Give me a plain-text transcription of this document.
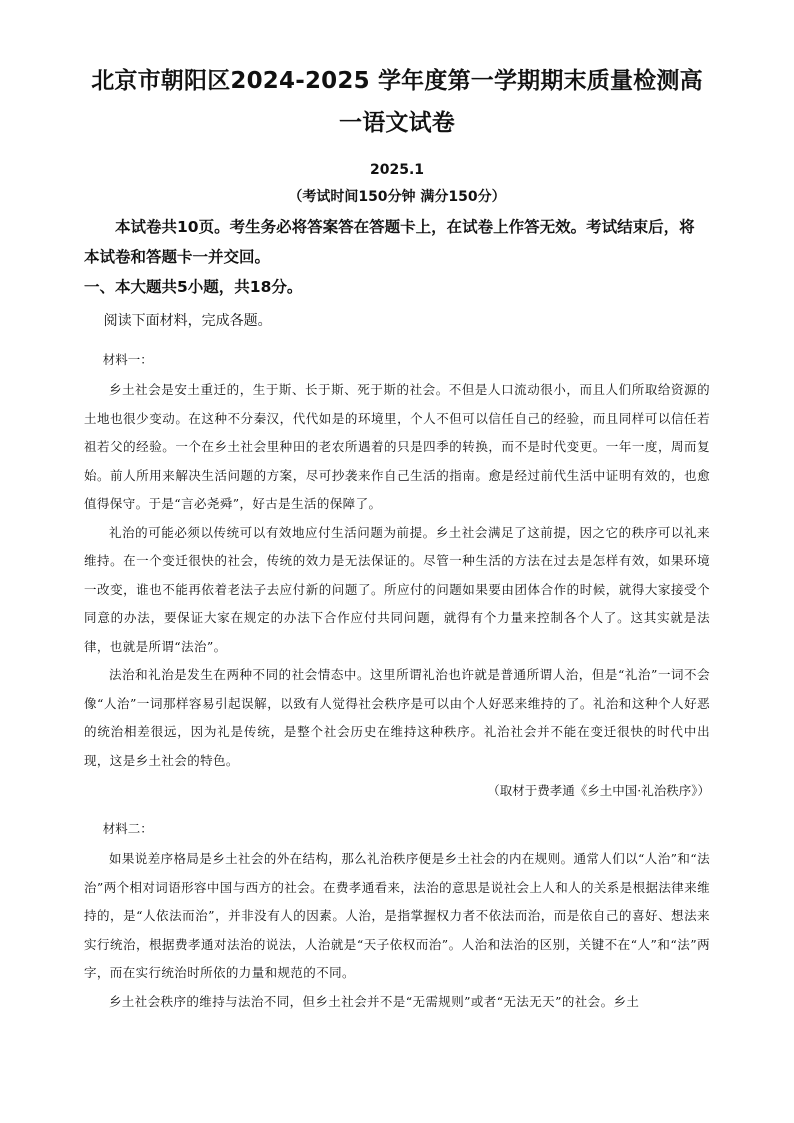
北京市朝阳区2024-2025 学年度第一学期期末质量检测高一语文试卷

2025.1

（考试时间150分钟 满分150分）

本试卷共10页。考生务必将答案答在答题卡上，在试卷上作答无效。考试结束后，将本试卷和答题卡一并交回。

一、本大题共5小题，共18分。

阅读下面材料，完成各题。

材料一：

乡土社会是安土重迁的，生于斯、长于斯、死于斯的社会。不但是人口流动很小，而且人们所取给资源的土地也很少变动。在这种不分秦汉，代代如是的环境里，个人不但可以信任自己的经验，而且同样可以信任若祖若父的经验。一个在乡土社会里种田的老农所遇着的只是四季的转换，而不是时代变更。一年一度，周而复始。前人所用来解决生活问题的方案，尽可抄袭来作自己生活的指南。愈是经过前代生活中证明有效的，也愈值得保守。于是“言必尧舜”，好古是生活的保障了。

礼治的可能必须以传统可以有效地应付生活问题为前提。乡土社会满足了这前提，因之它的秩序可以礼来维持。在一个变迁很快的社会，传统的效力是无法保证的。尽管一种生活的方法在过去是怎样有效，如果环境一改变，谁也不能再依着老法子去应付新的问题了。所应付的问题如果要由团体合作的时候，就得大家接受个同意的办法，要保证大家在规定的办法下合作应付共同问题，就得有个力量来控制各个人了。这其实就是法律，也就是所谓“法治”。

法治和礼治是发生在两种不同的社会情态中。这里所谓礼治也许就是普通所谓人治，但是“礼治”一词不会像“人治”一词那样容易引起误解，以致有人觉得社会秩序是可以由个人好恶来维持的了。礼治和这种个人好恶的统治相差很远，因为礼是传统，是整个社会历史在维持这种秩序。礼治社会并不能在变迁很快的时代中出现，这是乡土社会的特色。

（取材于费孝通《乡土中国·礼治秩序》）

材料二：

如果说差序格局是乡土社会的外在结构，那么礼治秩序便是乡土社会的内在规则。通常人们以“人治”和“法治”两个相对词语形容中国与西方的社会。在费孝通看来，法治的意思是说社会上人和人的关系是根据法律来维持的，是“人依法而治”，并非没有人的因素。人治，是指掌握权力者不依法而治，而是依自己的喜好、想法来实行统治，根据费孝通对法治的说法，人治就是“天子依权而治”。人治和法治的区别，关键不在“人”和“法”两字，而在实行统治时所依的力量和规范的不同。

乡土社会秩序的维持与法治不同，但乡土社会并不是“无需规则”或者“无法无天”的社会。乡土
